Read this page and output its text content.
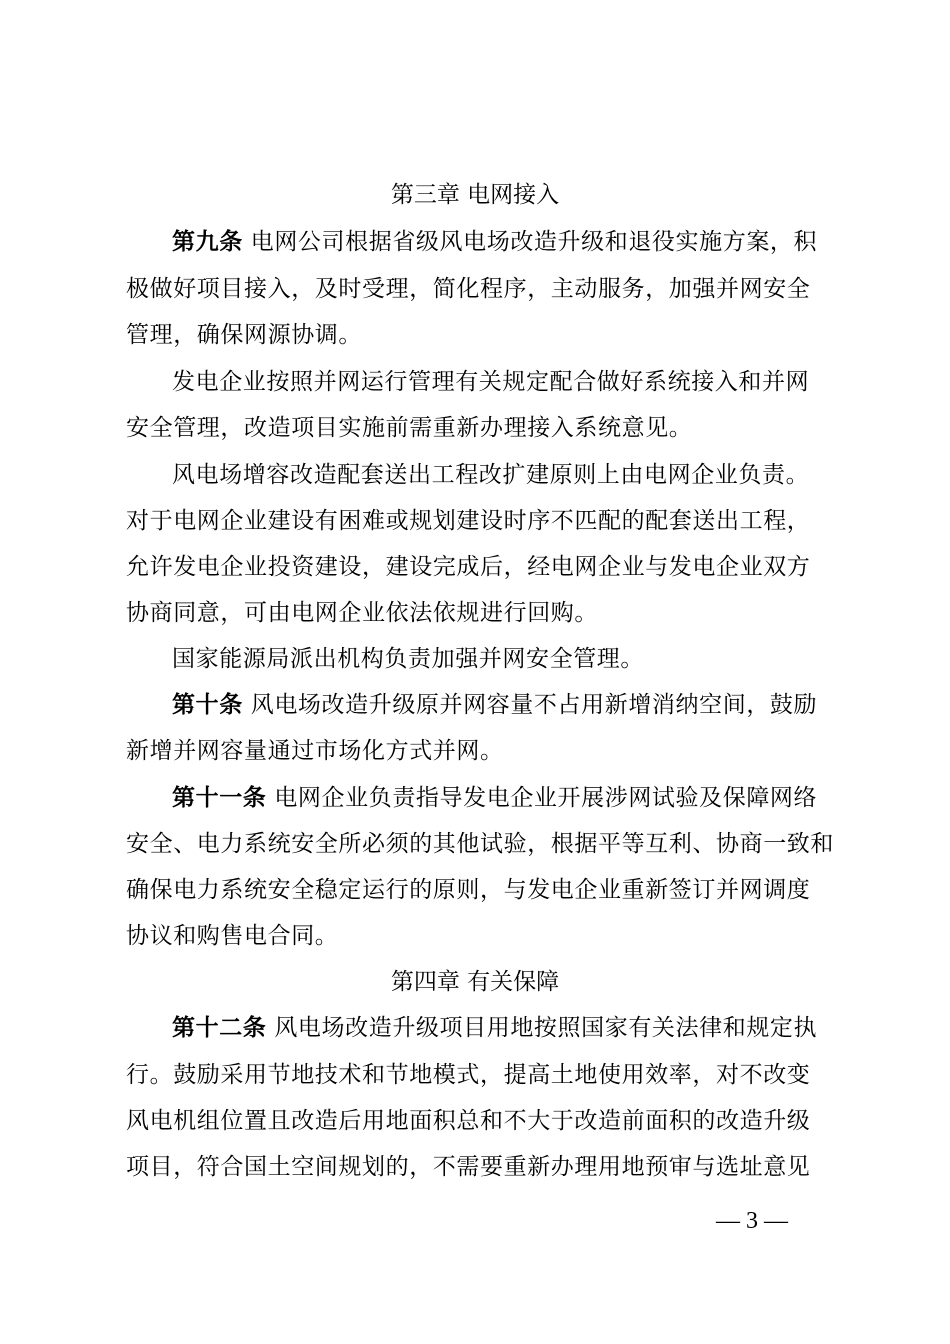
第三章 电网接入
第九条 电网公司根据省级风电场改造升级和退役实施方案，积
极做好项目接入，及时受理，简化程序，主动服务，加强并网安全
管理，确保网源协调。
发电企业按照并网运行管理有关规定配合做好系统接入和并网
安全管理，改造项目实施前需重新办理接入系统意见。
风电场增容改造配套送出工程改扩建原则上由电网企业负责。
对于电网企业建设有困难或规划建设时序不匹配的配套送出工程，
允许发电企业投资建设，建设完成后，经电网企业与发电企业双方
协商同意，可由电网企业依法依规进行回购。
国家能源局派出机构负责加强并网安全管理。
第十条 风电场改造升级原并网容量不占用新增消纳空间，鼓励
新增并网容量通过市场化方式并网。
第十一条 电网企业负责指导发电企业开展涉网试验及保障网络
安全、电力系统安全所必须的其他试验，根据平等互利、协商一致和
确保电力系统安全稳定运行的原则，与发电企业重新签订并网调度
协议和购售电合同。
第四章 有关保障
第十二条 风电场改造升级项目用地按照国家有关法律和规定执
行。鼓励采用节地技术和节地模式，提高土地使用效率，对不改变
风电机组位置且改造后用地面积总和不大于改造前面积的改造升级
项目，符合国土空间规划的，不需要重新办理用地预审与选址意见
— 3 —
